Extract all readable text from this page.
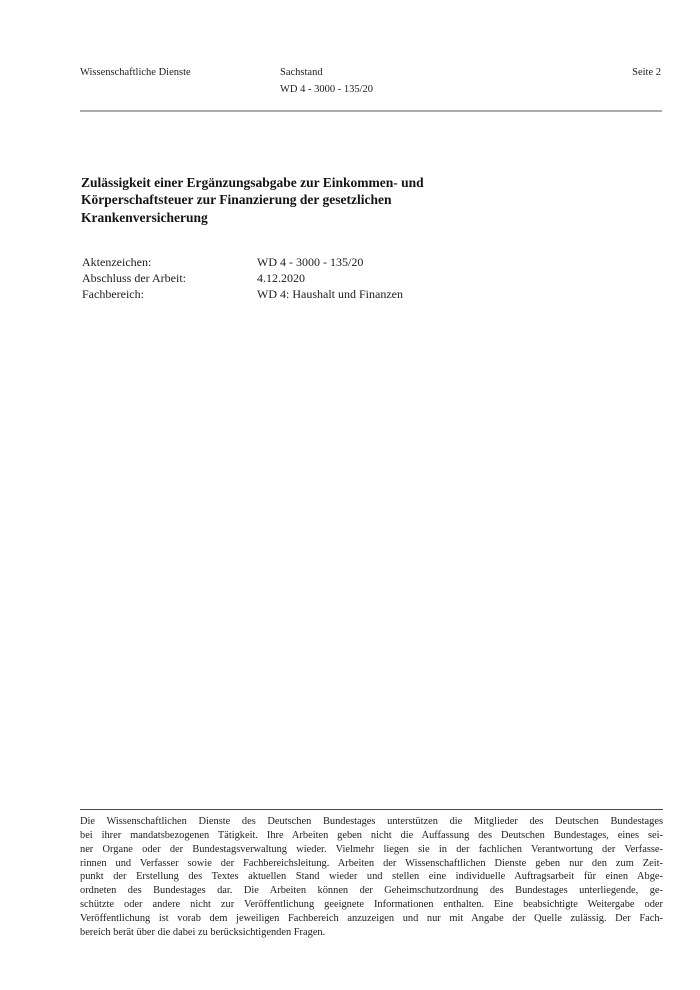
Wissenschaftliche Dienste	Sachstand
WD 4 - 3000 - 135/20
Seite 2
Zulässigkeit einer Ergänzungsabgabe zur Einkommen- und
Körperschaftsteuer zur Finanzierung der gesetzlichen
Krankenversicherung
Aktenzeichen:	WD 4 - 3000 - 135/20
Abschluss der Arbeit:	4.12.2020
Fachbereich:	WD 4: Haushalt und Finanzen
Die Wissenschaftlichen Dienste des Deutschen Bundestages unterstützen die Mitglieder des Deutschen Bundestages
bei ihrer mandatsbezogenen Tätigkeit. Ihre Arbeiten geben nicht die Auffassung des Deutschen Bundestages, eines sei-
ner Organe oder der Bundestagsverwaltung wieder. Vielmehr liegen sie in der fachlichen Verantwortung der Verfasse-
rinnen und Verfasser sowie der Fachbereichsleitung. Arbeiten der Wissenschaftlichen Dienste geben nur den zum Zeit-
punkt der Erstellung des Textes aktuellen Stand wieder und stellen eine individuelle Auftragsarbeit für einen Abge-
ordneten des Bundestages dar. Die Arbeiten können der Geheimschutzordnung des Bundestages unterliegende, ge-
schützte oder andere nicht zur Veröffentlichung geeignete Informationen enthalten. Eine beabsichtigte Weitergabe oder
Veröffentlichung ist vorab dem jeweiligen Fachbereich anzuzeigen und nur mit Angabe der Quelle zulässig. Der Fach-
bereich berät über die dabei zu berücksichtigenden Fragen.
